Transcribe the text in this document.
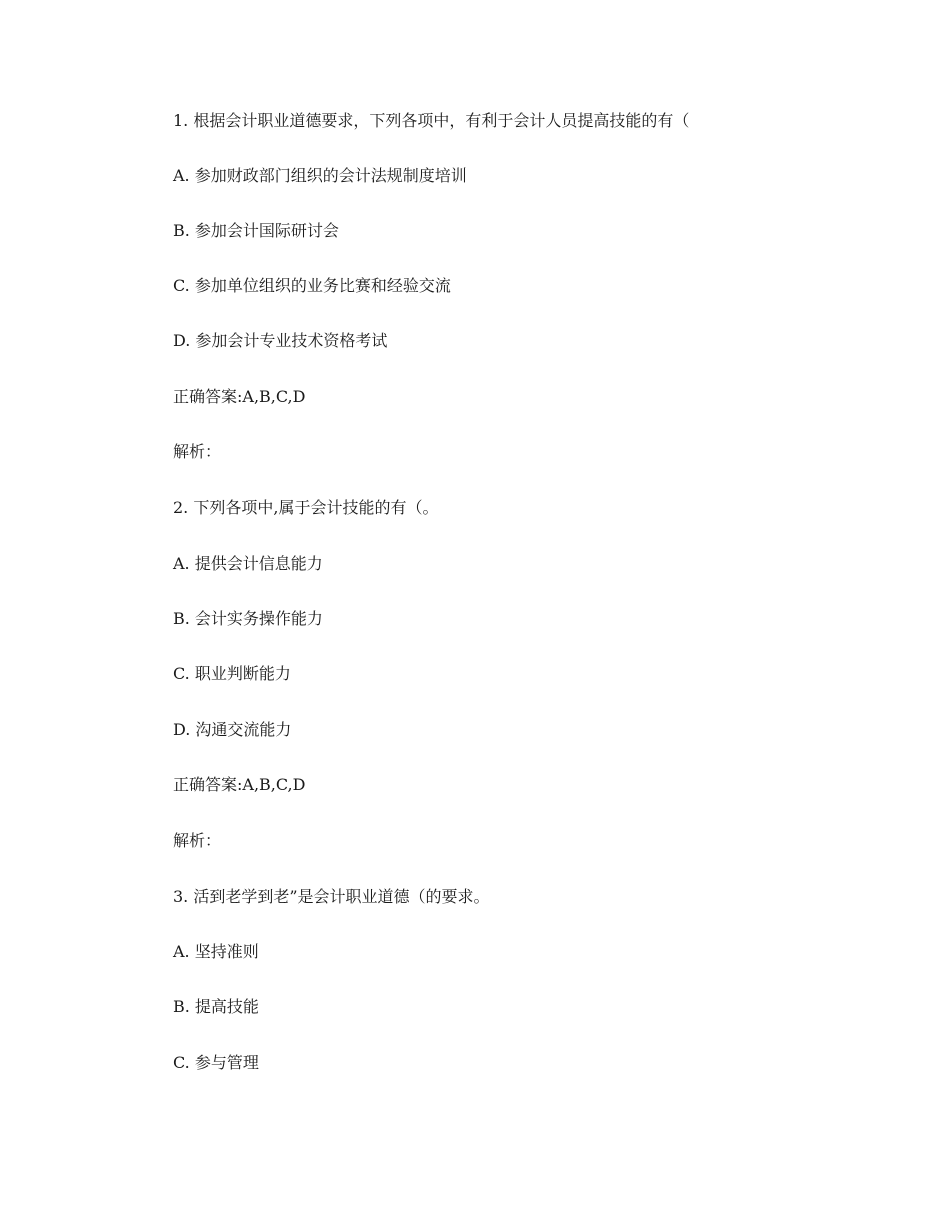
1. 根据会计职业道德要求，下列各项中，有利于会计人员提高技能的有（
A. 参加财政部门组织的会计法规制度培训
B. 参加会计国际研讨会
C. 参加单位组织的业务比赛和经验交流
D. 参加会计专业技术资格考试
正确答案:A,B,C,D
解析：
2. 下列各项中,属于会计技能的有（。
A. 提供会计信息能力
B. 会计实务操作能力
C. 职业判断能力
D. 沟通交流能力
正确答案:A,B,C,D
解析：
3. 活到老学到老”是会计职业道德（的要求。
A. 坚持准则
B. 提高技能
C. 参与管理
